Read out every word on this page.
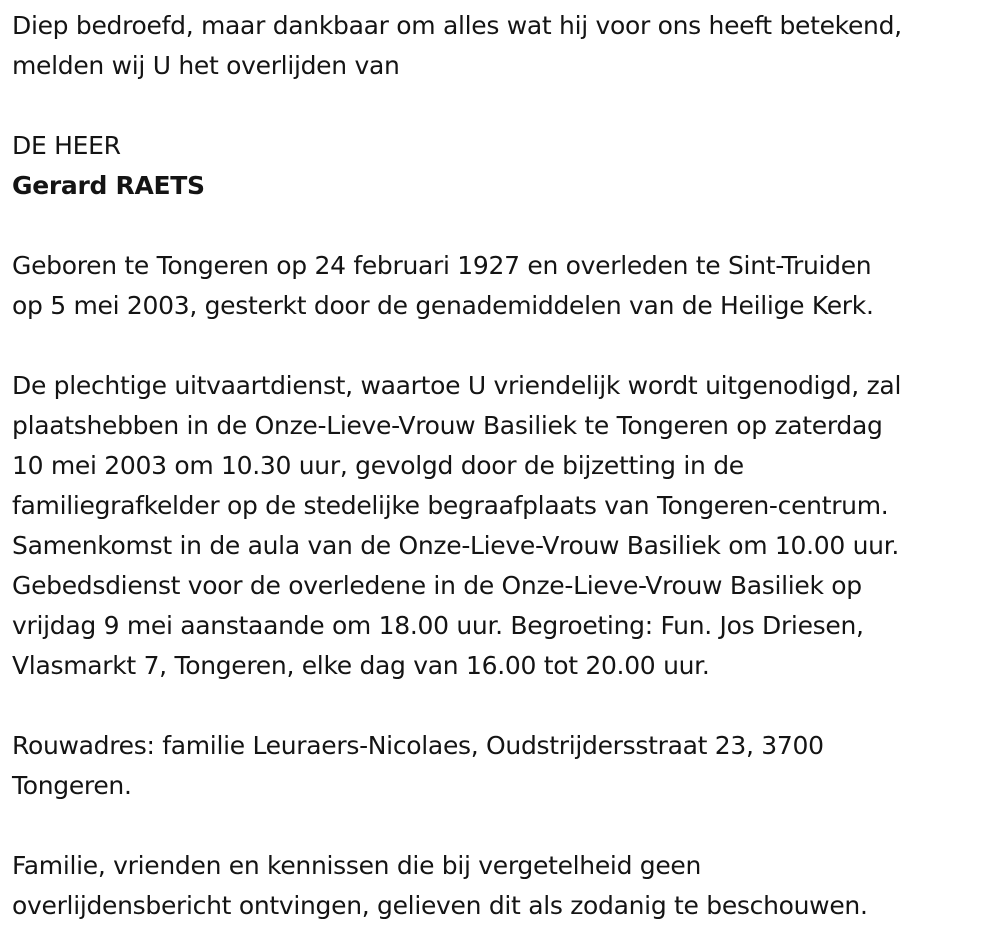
Diep bedroefd, maar dankbaar om alles wat hij voor ons heeft betekend,
melden wij U het overlijden van
DE HEER
Gerard RAETS
Geboren te Tongeren op 24 februari 1927 en overleden te Sint-Truiden
op 5 mei 2003, gesterkt door de genademiddelen van de Heilige Kerk.
De plechtige uitvaartdienst, waartoe U vriendelijk wordt uitgenodigd, zal
plaatshebben in de Onze-Lieve-Vrouw Basiliek te Tongeren op zaterdag
10 mei 2003 om 10.30 uur, gevolgd door de bijzetting in de
familiegrafkelder op de stedelijke begraafplaats van Tongeren-centrum.
Samenkomst in de aula van de Onze-Lieve-Vrouw Basiliek om 10.00 uur.
Gebedsdienst voor de overledene in de Onze-Lieve-Vrouw Basiliek op
vrijdag 9 mei aanstaande om 18.00 uur. Begroeting: Fun. Jos Driesen,
Vlasmarkt 7, Tongeren, elke dag van 16.00 tot 20.00 uur.
Rouwadres: familie Leuraers-Nicolaes, Oudstrijdersstraat 23, 3700
Tongeren.
Familie, vrienden en kennissen die bij vergetelheid geen
overlijdensbericht ontvingen, gelieven dit als zodanig te beschouwen.
